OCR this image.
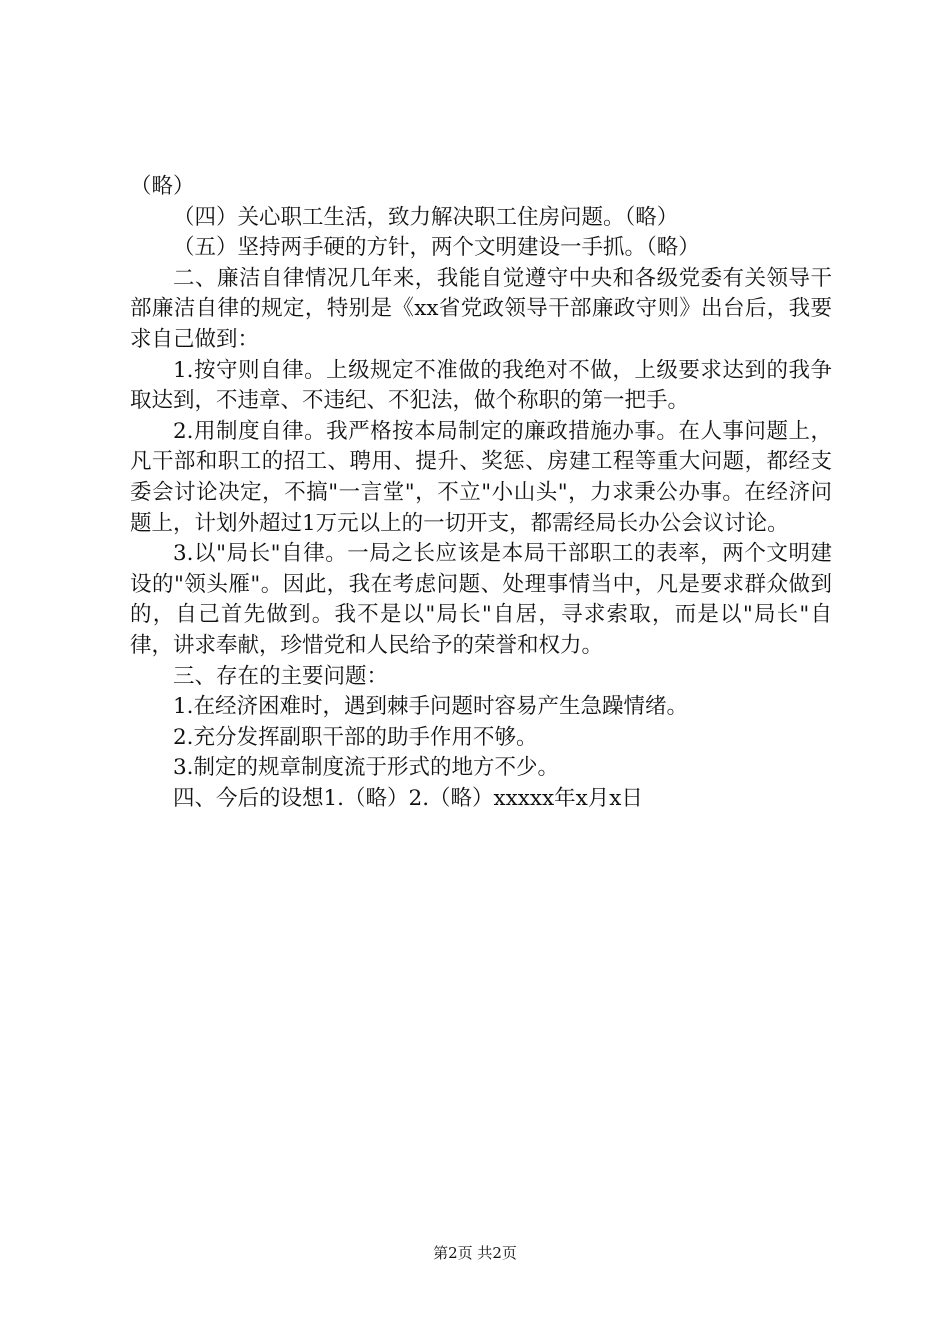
（略）

（四）关心职工生活，致力解决职工住房问题。（略）

（五）坚持两手硬的方针，两个文明建设一手抓。（略）

二、廉洁自律情况几年来，我能自觉遵守中央和各级党委有关领导干部廉洁自律的规定，特别是《xx省党政领导干部廉政守则》出台后，我要求自己做到：

1.按守则自律。上级规定不准做的我绝对不做，上级要求达到的我争取达到，不违章、不违纪、不犯法，做个称职的第一把手。

2.用制度自律。我严格按本局制定的廉政措施办事。在人事问题上，凡干部和职工的招工、聘用、提升、奖惩、房建工程等重大问题，都经支委会讨论决定，不搞"一言堂"，不立"小山头"，力求秉公办事。在经济问题上，计划外超过1万元以上的一切开支，都需经局长办公会议讨论。

3.以"局长"自律。一局之长应该是本局干部职工的表率，两个文明建设的"领头雁"。因此，我在考虑问题、处理事情当中，凡是要求群众做到的，自己首先做到。我不是以"局长"自居，寻求索取，而是以"局长"自律，讲求奉献，珍惜党和人民给予的荣誉和权力。

三、存在的主要问题：

1.在经济困难时，遇到棘手问题时容易产生急躁情绪。

2.充分发挥副职干部的助手作用不够。

3.制定的规章制度流于形式的地方不少。

四、今后的设想1.（略）2.（略）xxxxx年x月x日

第2页 共2页
